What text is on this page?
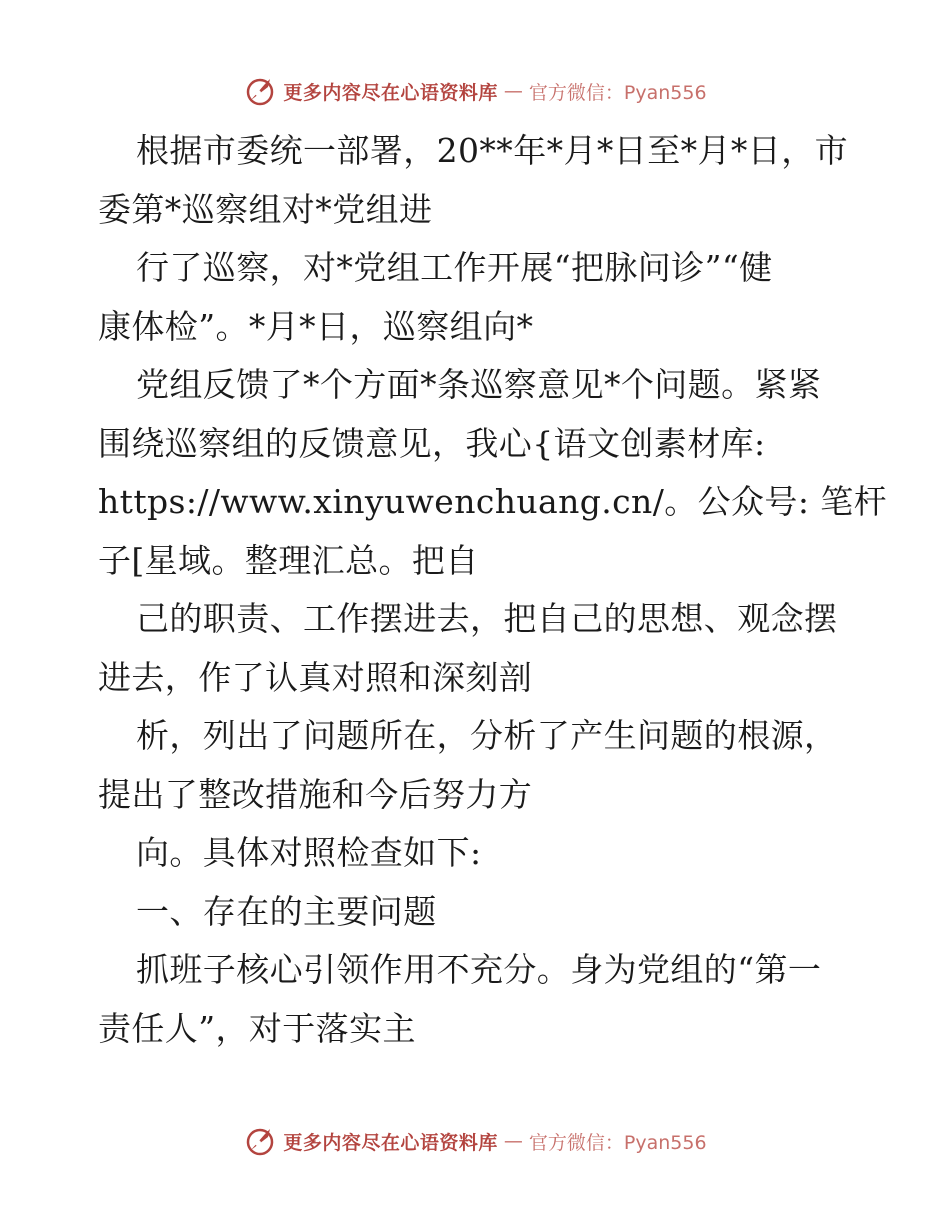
更多内容尽在心语资料库 — 官方微信：Pyan556
根据市委统一部署，20**年*月*日至*月*日，市
委第*巡察组对*党组进
行了巡察，对*党组工作开展“把脉问诊”“健
康体检”。*月*日，巡察组向*
党组反馈了*个方面*条巡察意见*个问题。紧紧
围绕巡察组的反馈意见，我心{语文创素材库:
https://www.xinyuwenchuang.cn/。公众号: 笔杆
子[星域。整理汇总。把自
己的职责、工作摆进去，把自己的思想、观念摆
进去，作了认真对照和深刻剖
析，列出了问题所在，分析了产生问题的根源，
提出了整改措施和今后努力方
向。具体对照检查如下:
一、存在的主要问题
抓班子核心引领作用不充分。身为党组的“第一
责任人”，对于落实主
更多内容尽在心语资料库 — 官方微信：Pyan556
